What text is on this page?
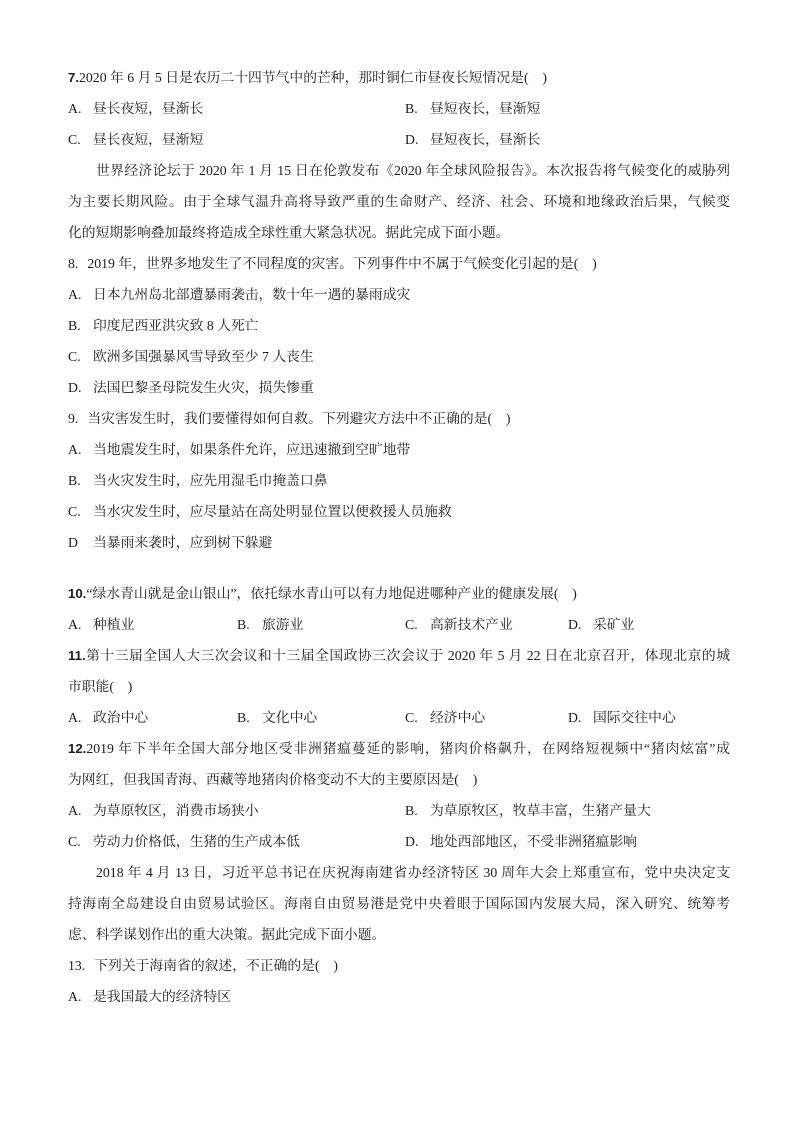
7.2020 年 6 月 5 日是农历二十四节气中的芒种，那时铜仁市昼夜长短情况是(　)
A. 昼长夜短，昼渐长	B. 昼短夜长，昼渐短
C. 昼长夜短，昼渐短	D. 昼短夜长，昼渐长
世界经济论坛于 2020 年 1 月 15 日在伦敦发布《2020 年全球风险报告》。本次报告将气候变化的威胁列
为主要长期风险。由于全球气温升高将导致严重的生命财产、经济、社会、环境和地缘政治后果，气候变
化的短期影响叠加最终将造成全球性重大紧急状况。据此完成下面小题。
8. 2019 年，世界多地发生了不同程度的灾害。下列事件中不属于气候变化引起的是(　)
A. 日本九州岛北部遭暴雨袭击，数十年一遇的暴雨成灾
B. 印度尼西亚洪灾致 8 人死亡
C. 欧洲多国强暴风雪导致至少 7 人丧生
D. 法国巴黎圣母院发生火灾，损失惨重
9. 当灾害发生时，我们要懂得如何自救。下列避灾方法中不正确的是(　)
A. 当地震发生时，如果条件允许，应迅速撤到空旷地带
B. 当火灾发生时，应先用湿毛巾掩盖口鼻
C. 当水灾发生时，应尽量站在高处明显位置以便救援人员施救
D 当暴雨来袭时，应到树下躲避
10.“绿水青山就是金山银山”，依托绿水青山可以有力地促进哪种产业的健康发展(　)
A. 种植业	B. 旅游业	C. 高新技术产业	D. 采矿业
11.第十三届全国人大三次会议和十三届全国政协三次会议于 2020 年 5 月 22 日在北京召开，体现北京的城
市职能(　)
A. 政治中心	B. 文化中心	C. 经济中心	D. 国际交往中心
12.2019 年下半年全国大部分地区受非洲猪瘟蔓延的影响，猪肉价格飙升，在网络短视频中“猪肉炫富”成
为网红，但我国青海、西藏等地猪肉价格变动不大的主要原因是(　)
A. 为草原牧区，消费市场狭小	B. 为草原牧区，牧草丰富，生猪产量大
C. 劳动力价格低，生猪的生产成本低	D. 地处西部地区，不受非洲猪瘟影响
2018 年 4 月 13 日，习近平总书记在庆祝海南建省办经济特区 30 周年大会上郑重宣布，党中央决定支
持海南全岛建设自由贸易试验区。海南自由贸易港是党中央着眼于国际国内发展大局，深入研究、统筹考
虑、科学谋划作出的重大决策。据此完成下面小题。
13. 下列关于海南省的叙述，不正确的是(　)
A. 是我国最大的经济特区
